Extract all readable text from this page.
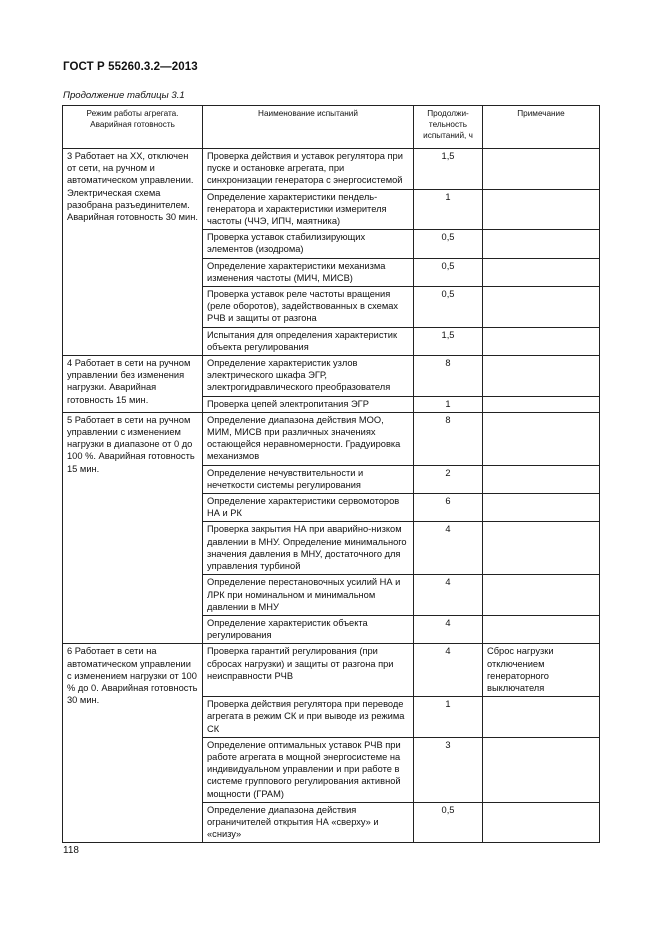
ГОСТ Р 55260.3.2—2013
Продолжение таблицы 3.1
Режим работы агрегата. Аварийная готовность	Наименование испытаний	Продолжи-тельность испытаний, ч	Примечание
3 Работает на ХХ, отключен от сети, на ручном и автоматическом управлении. Электрическая схема разобрана разъединителем. Аварийная готовность 30 мин.	Проверка действия и уставок регулятора при пуске и остановке агрегата, при синхронизации генератора с энергосистемой	1,5	
	Определение характеристики пендель-генератора и характеристики измерителя частоты (ЧЧЭ, ИПЧ, маятника)	1	
	Проверка уставок стабилизирующих элементов (изодрома)	0,5	
	Определение характеристики механизма изменения частоты (МИЧ, МИСВ)	0,5	
	Проверка уставок реле частоты вращения (реле оборотов), задействованных в схемах РЧВ и защиты от разгона	0,5	
	Испытания для определения характеристик объекта регулирования	1,5	
4 Работает в сети на ручном управлении без изменения нагрузки. Аварийная готовность 15 мин.	Определение характеристик узлов электрического шкафа ЭГР, электрогидравлического преобразователя	8	
	Проверка цепей электропитания ЭГР	1	
5 Работает в сети на ручном управлении с изменением нагрузки в диапазоне от 0 до 100 %. Аварийная готовность 15 мин.	Определение диапазона действия МОО, МИМ, МИСВ при различных значениях остающейся неравномерности. Градуировка механизмов	8	
	Определение нечувствительности и нечеткости системы регулирования	2	
	Определение характеристики сервомоторов НА и РК	6	
	Проверка закрытия НА при аварийно-низком давлении в МНУ. Определение минимального значения давления в МНУ, достаточного для управления турбиной	4	
	Определение перестановочных усилий НА и ЛРК при номинальном и минимальном давлении в МНУ	4	
	Определение характеристик объекта регулирования	4	
6 Работает в сети на автоматическом управлении с изменением нагрузки от 100 % до 0. Аварийная готовность 30 мин.	Проверка гарантий регулирования (при сбросах нагрузки) и защиты от разгона при неисправности РЧВ	4	Сброс нагрузки отключением генераторного выключателя
	Проверка действия регулятора при переводе агрегата в режим СК и при выводе из режима СК	1	
	Определение оптимальных уставок РЧВ при работе агрегата в мощной энергосистеме на индивидуальном управлении и при работе в системе группового регулирования активной мощности (ГРАМ)	3	
	Определение диапазона действия ограничителей открытия НА «сверху» и «снизу»	0,5	
118
